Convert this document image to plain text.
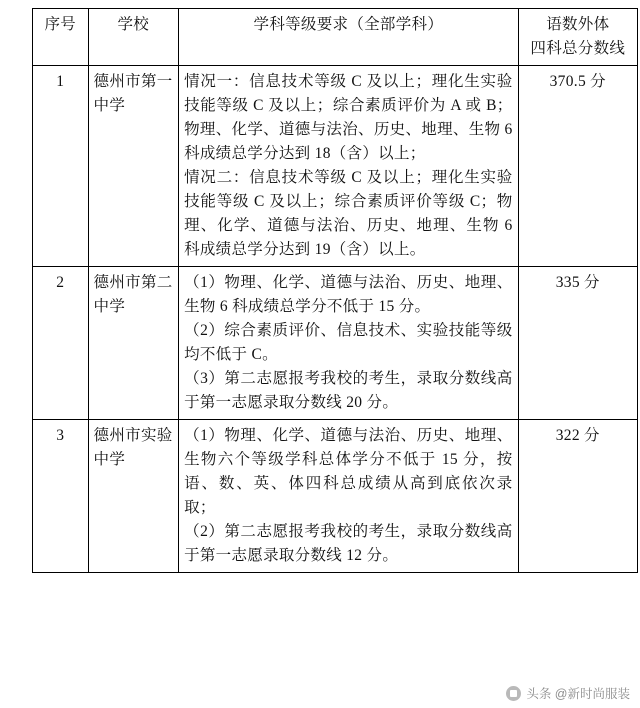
序号	学校	学科等级要求（全部学科）	语数外体
四科总分数线

1	德州市第一中学	情况一：信息技术等级 C 及以上；理化生实验技能等级 C 及以上；综合素质评价为 A 或 B；物理、化学、道德与法治、历史、地理、生物 6 科成绩总学分达到 18（含）以上；

情况二：信息技术等级 C 及以上；理化生实验技能等级 C 及以上；综合素质评价等级 C；物理、化学、道德与法治、历史、地理、生物 6 科成绩总学分达到 19（含）以上。	370.5 分
2	德州市第二中学	（1）物理、化学、道德与法治、历史、地理、生物 6 科成绩总学分不低于 15 分。

（2）综合素质评价、信息技术、实验技能等级均不低于 C。

（3）第二志愿报考我校的考生，录取分数线高于第一志愿录取分数线 20 分。	335 分
3	德州市实验中学	（1）物理、化学、道德与法治、历史、地理、生物六个等级学科总体学分不低于 15 分，按语、数、英、体四科总成绩从高到底依次录取；

（2）第二志愿报考我校的考生，录取分数线高于第一志愿录取分数线 12 分。	322 分
头条 @新时尚服装
